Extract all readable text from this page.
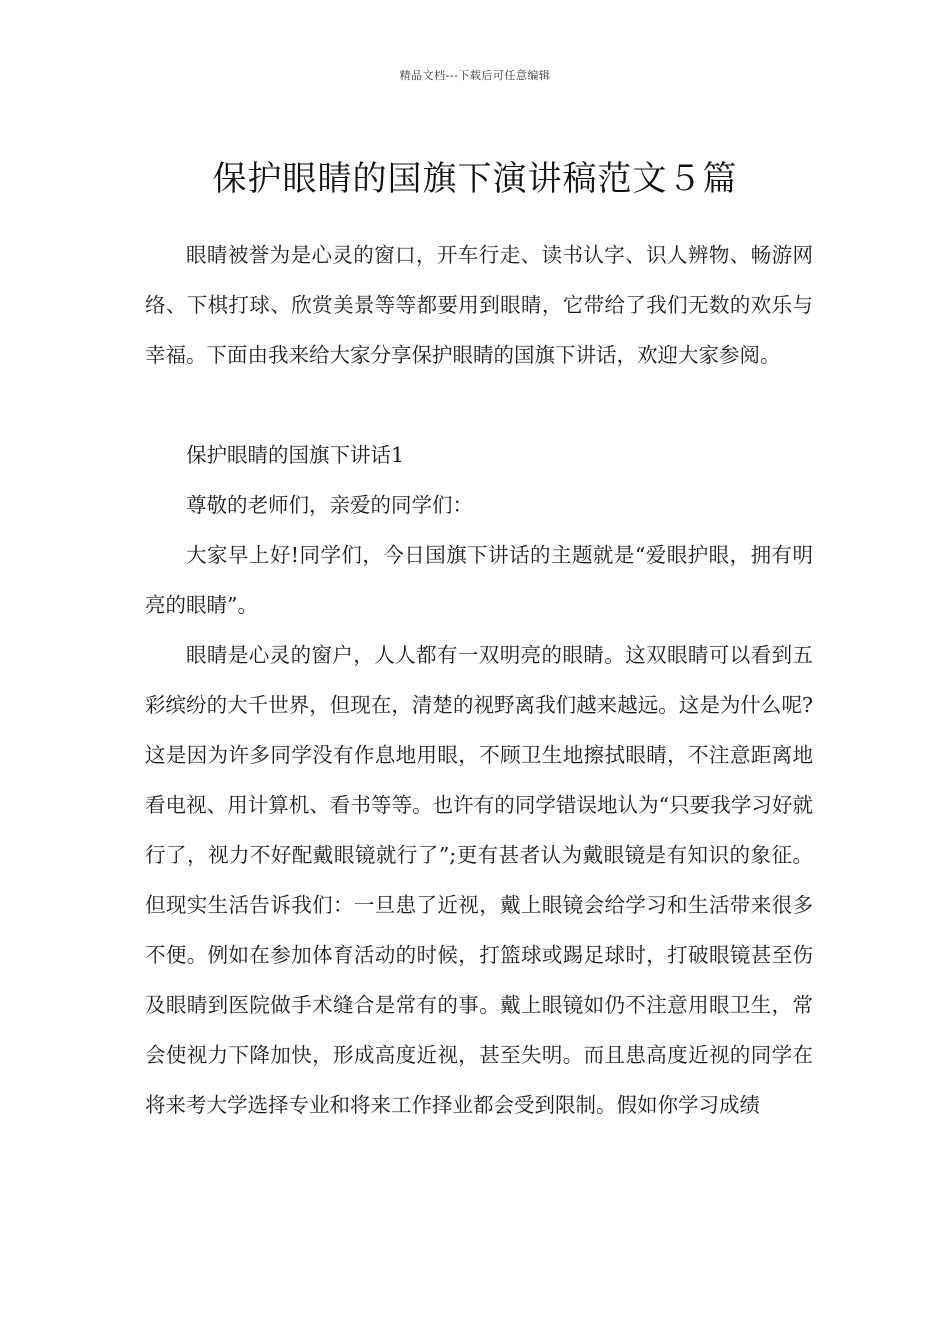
精品文档---下载后可任意编辑
保护眼睛的国旗下演讲稿范文５篇

眼睛被誉为是心灵的窗口，开车行走、读书认字、识人辨物、畅游网络、下棋打球、欣赏美景等等都要用到眼睛，它带给了我们无数的欢乐与幸福。下面由我来给大家分享保护眼睛的国旗下讲话，欢迎大家参阅。

保护眼睛的国旗下讲话1

尊敬的老师们，亲爱的同学们：

大家早上好!同学们，今日国旗下讲话的主题就是“爱眼护眼，拥有明亮的眼睛”。

眼睛是心灵的窗户，人人都有一双明亮的眼睛。这双眼睛可以看到五彩缤纷的大千世界，但现在，清楚的视野离我们越来越远。这是为什么呢?这是因为许多同学没有作息地用眼，不顾卫生地擦拭眼睛，不注意距离地看电视、用计算机、看书等等。也许有的同学错误地认为“只要我学习好就行了，视力不好配戴眼镜就行了”;更有甚者认为戴眼镜是有知识的象征。但现实生活告诉我们：一旦患了近视，戴上眼镜会给学习和生活带来很多不便。例如在参加体育活动的时候，打篮球或踢足球时，打破眼镜甚至伤及眼睛到医院做手术缝合是常有的事。戴上眼镜如仍不注意用眼卫生，常会使视力下降加快，形成高度近视，甚至失明。而且患高度近视的同学在将来考大学选择专业和将来工作择业都会受到限制。假如你学习成绩
